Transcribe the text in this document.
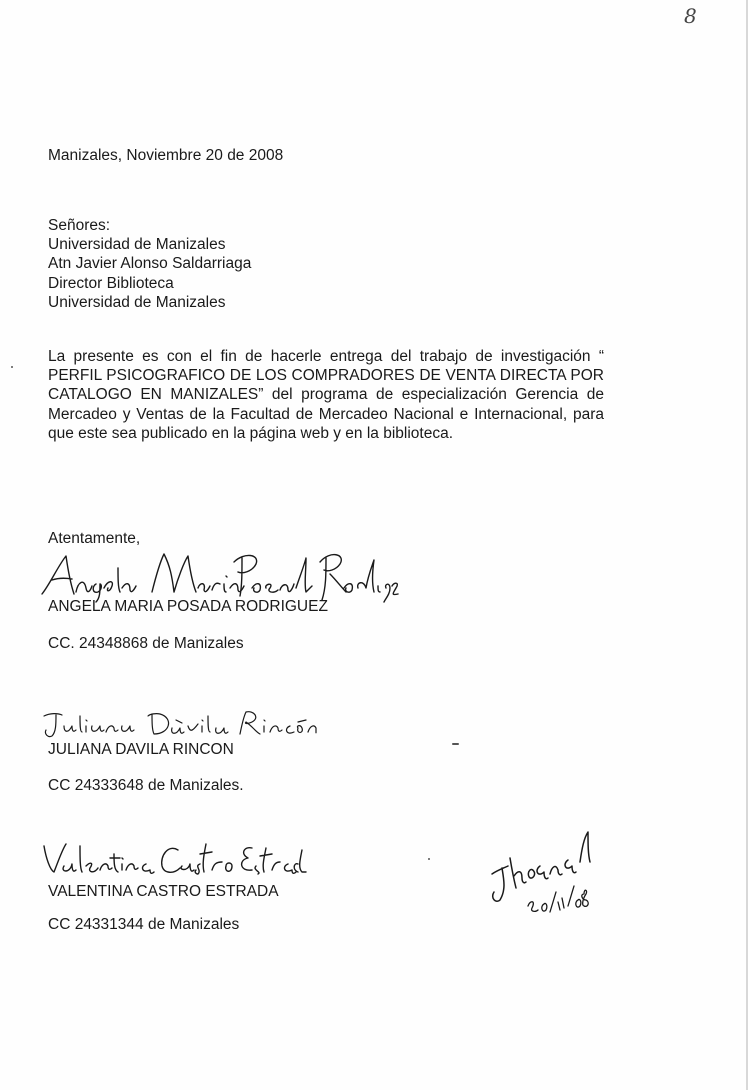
8
Manizales, Noviembre 20 de 2008
Señores:
Universidad de Manizales
Atn Javier Alonso Saldarriaga
Director Biblioteca
Universidad de Manizales
La presente es con el fin de hacerle entrega del trabajo de investigación “ PERFIL PSICOGRAFICO DE LOS COMPRADORES DE VENTA DIRECTA POR CATALOGO EN MANIZALES” del programa de especialización Gerencia de Mercadeo y Ventas de la Facultad de Mercadeo Nacional e Internacional, para que este sea publicado en la página web y en la biblioteca.
Atentamente,
ANGELA MARIA POSADA RODRIGUEZ
CC. 24348868 de Manizales
JULIANA DAVILA RINCON
CC 24333648 de Manizales.
VALENTINA CASTRO ESTRADA
CC 24331344 de Manizales
